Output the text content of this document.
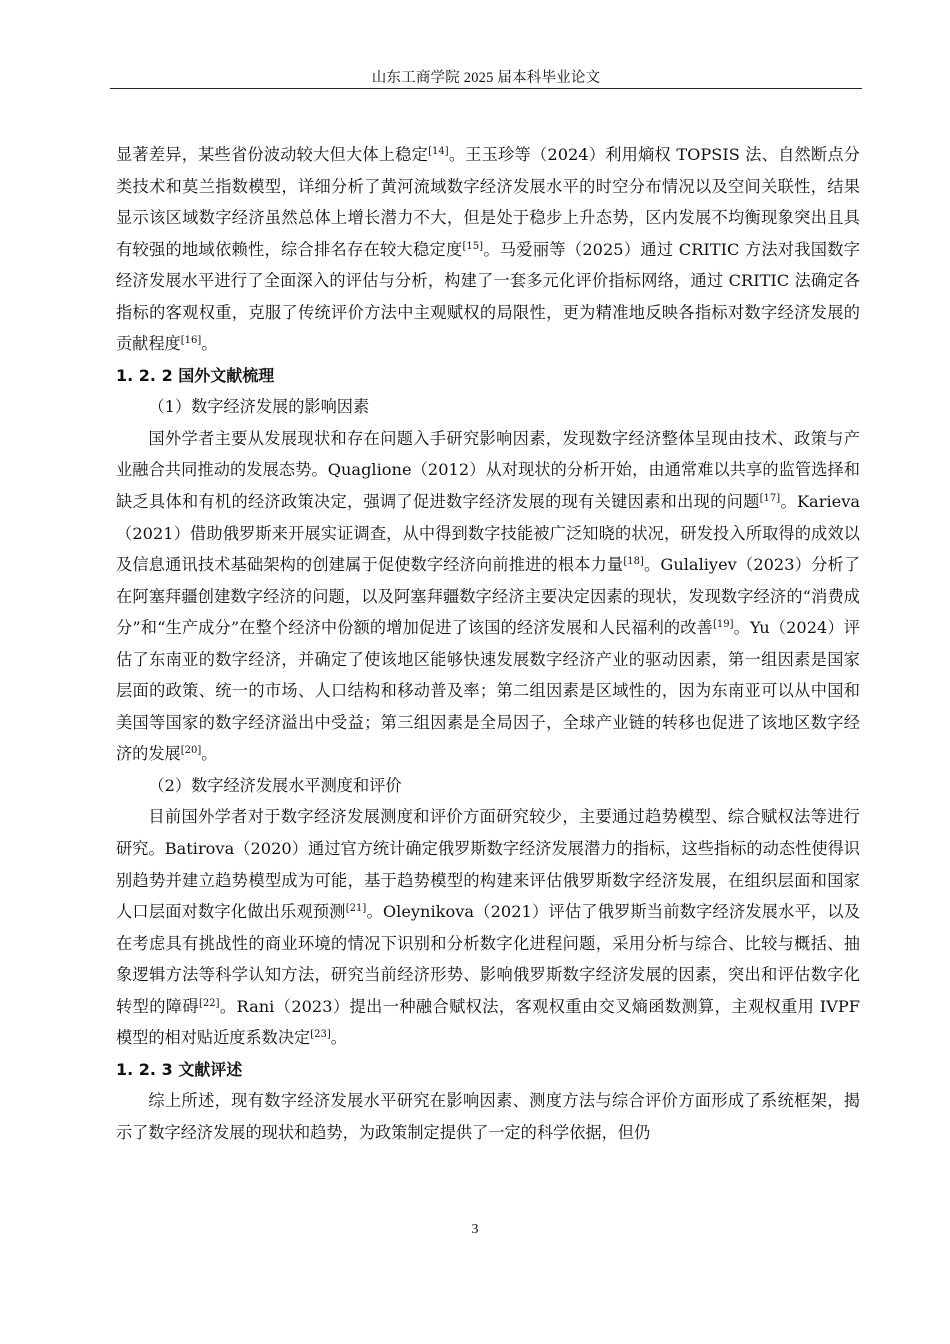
山东工商学院 2025 届本科毕业论文

显著差异，某些省份波动较大但大体上稳定[14]。王玉珍等（2024）利用熵权 TOPSIS 法、自然断点分类技术和莫兰指数模型，详细分析了黄河流域数字经济发展水平的时空分布情况以及空间关联性，结果显示该区域数字经济虽然总体上增长潜力不大，但是处于稳步上升态势，区内发展不均衡现象突出且具有较强的地域依赖性，综合排名存在较大稳定度[15]。马爱丽等（2025）通过 CRITIC 方法对我国数字经济发展水平进行了全面深入的评估与分析，构建了一套多元化评价指标网络，通过 CRITIC 法确定各指标的客观权重，克服了传统评价方法中主观赋权的局限性，更为精准地反映各指标对数字经济发展的贡献程度[16]。

1. 2. 2 国外文献梳理

（1）数字经济发展的影响因素

国外学者主要从发展现状和存在问题入手研究影响因素，发现数字经济整体呈现由技术、政策与产业融合共同推动的发展态势。Quaglione（2012）从对现状的分析开始，由通常难以共享的监管选择和缺乏具体和有机的经济政策决定，强调了促进数字经济发展的现有关键因素和出现的问题[17]。Karieva（2021）借助俄罗斯来开展实证调查，从中得到数字技能被广泛知晓的状况，研发投入所取得的成效以及信息通讯技术基础架构的创建属于促使数字经济向前推进的根本力量[18]。Gulaliyev（2023）分析了在阿塞拜疆创建数字经济的问题，以及阿塞拜疆数字经济主要决定因素的现状，发现数字经济的“消费成分”和“生产成分”在整个经济中份额的增加促进了该国的经济发展和人民福利的改善[19]。Yu（2024）评估了东南亚的数字经济，并确定了使该地区能够快速发展数字经济产业的驱动因素，第一组因素是国家层面的政策、统一的市场、人口结构和移动普及率；第二组因素是区域性的，因为东南亚可以从中国和美国等国家的数字经济溢出中受益；第三组因素是全局因子，全球产业链的转移也促进了该地区数字经济的发展[20]。

（2）数字经济发展水平测度和评价

目前国外学者对于数字经济发展测度和评价方面研究较少，主要通过趋势模型、综合赋权法等进行研究。Batirova（2020）通过官方统计确定俄罗斯数字经济发展潜力的指标，这些指标的动态性使得识别趋势并建立趋势模型成为可能，基于趋势模型的构建来评估俄罗斯数字经济发展，在组织层面和国家人口层面对数字化做出乐观预测[21]。Oleynikova（2021）评估了俄罗斯当前数字经济发展水平，以及在考虑具有挑战性的商业环境的情况下识别和分析数字化进程问题，采用分析与综合、比较与概括、抽象逻辑方法等科学认知方法，研究当前经济形势、影响俄罗斯数字经济发展的因素，突出和评估数字化转型的障碍[22]。Rani（2023）提出一种融合赋权法，客观权重由交叉熵函数测算，主观权重用 IVPF 模型的相对贴近度系数决定[23]。

1. 2. 3 文献评述

综上所述，现有数字经济发展水平研究在影响因素、测度方法与综合评价方面形成了系统框架，揭示了数字经济发展的现状和趋势，为政策制定提供了一定的科学依据，但仍

3
